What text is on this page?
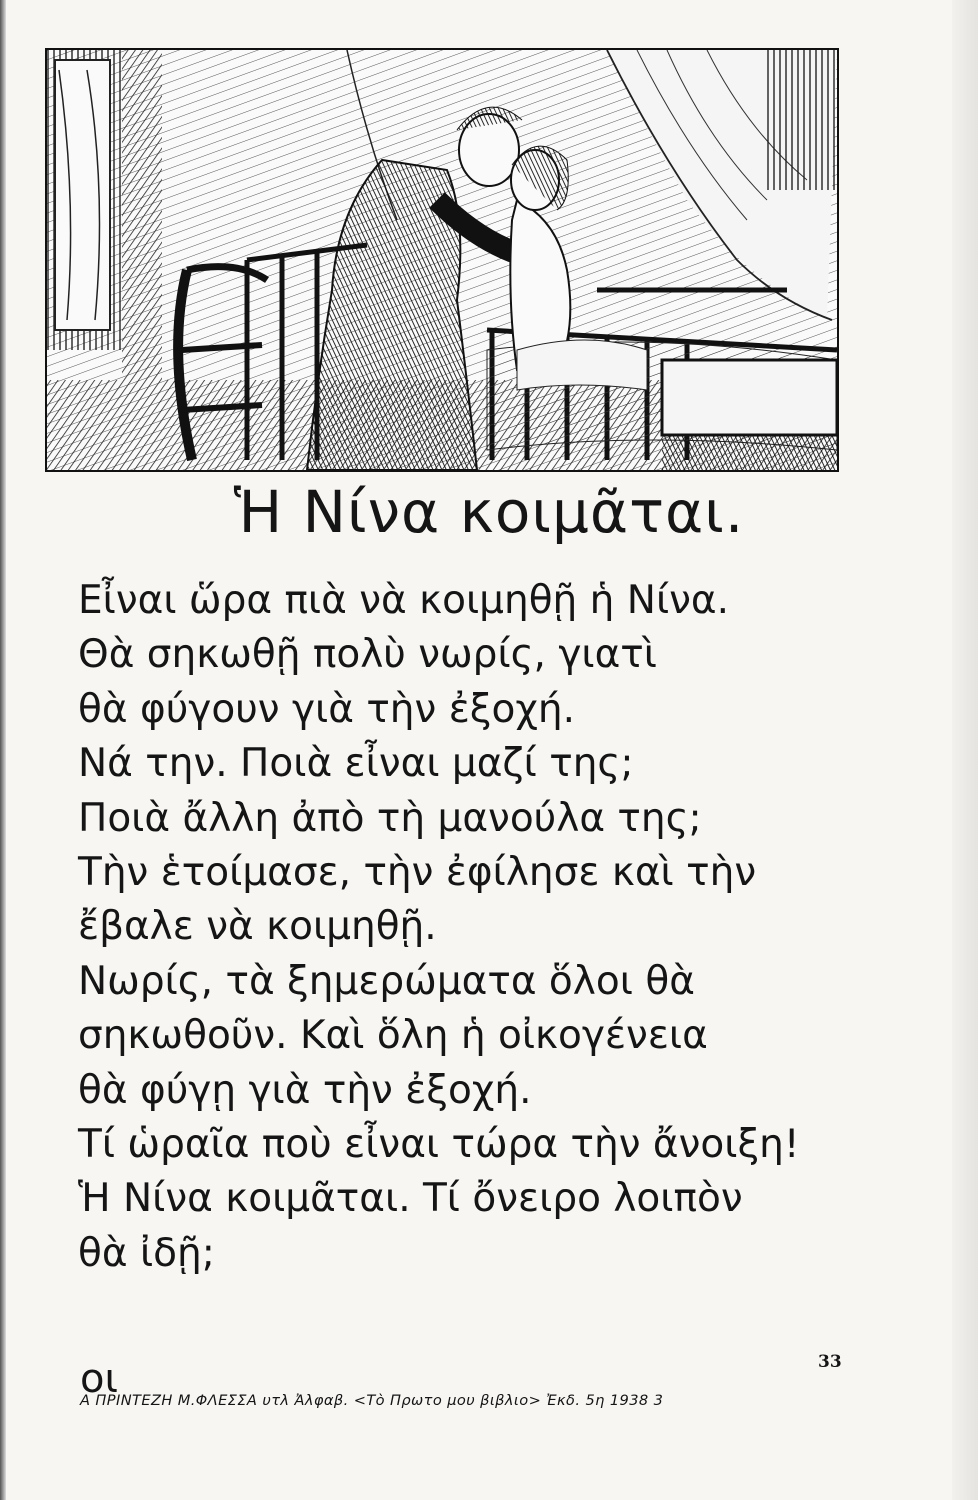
Ἡ Νίνα κοιμᾶται.

Εἶναι ὥρα πιὰ νὰ κοιμηθῇ ἡ Νίνα.
Θὰ σηκωθῇ πολὺ νωρίς, γιατὶ
θὰ φύγουν γιὰ τὴν ἐξοχή.
Νά την. Ποιὰ εἶναι μαζί της;
Ποιὰ ἄλλη ἀπὸ τὴ μανούλα της;
Τὴν ἑτοίμασε, τὴν ἐφίλησε καὶ τὴν
ἔβαλε νὰ κοιμηθῇ.
Νωρίς, τὰ ξημερώματα ὅλοι θὰ
σηκωθοῦν. Καὶ ὅλη ἡ οἰκογένεια
θὰ φύγῃ γιὰ τὴν ἐξοχή.
Τί ὡραῖα ποὺ εἶναι τώρα τὴν ἄνοιξη!
Ἡ Νίνα κοιμᾶται. Τί ὄνειρο λοιπὸν
θὰ ἰδῇ;

οι	33
Α ΠΡΙΝΤΕΖΗ Μ.ΦΛΕΣΣΑ υτλ Ἀλφαβ. <Τὸ Πρωτο μου βιβλιο> Ἐκδ. 5η 1938 3
